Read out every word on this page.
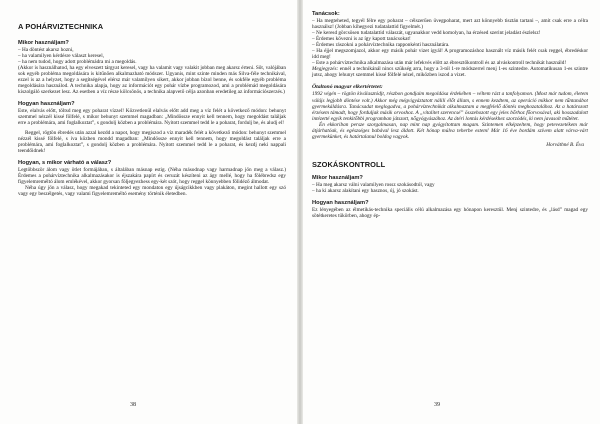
A POHÁRVIZTECHNIKA
Mikor használjam?

– Ha döntést akarsz hozni,

– ha valamilyen kérdésre választ keresel,

– ha nem tudod, hogy adott problémádra mi a megoldás.

(Akkor is használhatod, ha egy elveszett tárgyat keresel, vagy ha valamit vagy valakit jobban meg akarsz érteni. Sőt, valójában sok egyéb problémа megoldására is kitűnően alkalmazható módszer. Ugyanis, mint szinte minden más Silva-féle technikával, ezzel is az a helyzet, hogy a segítségével elérsz már valamilyen sikert, akkor jobban bízol benne, és sokféle egyéb probléma megoldására használod. A technika alapja, hogy az információt egy pohár vízbe programozod, ami a problémád megoldására kiszolgáló szerkezet lesz. Az esetben a víz része kölcsönös, a technika alapvető célja azonban eredetileg az információszerzés.)

Hogyan használjam?

Este, elalvás előtt, töltsd meg egy poharat vízzel! Közvetlenül elalvás előtt add meg a víz felét a következő módon: behunyt szemmel nézzél kissé fölfelé, s mikor behunyt szemmel magadban: „Mindössze ennyit kell tennem, hogy megoldást találjak erre a problémára, ami foglalkoztat”, s gondolj közben a problémára. Nyitott szemmel tedd le a poharat, fordulj be, és aludj el!

Reggel, rögtön ébredés után azzal kezdd a napot, hogy megiszod a víz maradék felét a következő módon: behunyt szemmel nézzél kissé fölfelé, s iva közben mondd magadban: „Mindössze ennyit kell tennem, hogy megoldást találjak erre a problémára, ami foglalkoztat”, s gondolj közben a problémára. Nyitott szemmel tedd le a poharat, és kezdj neki nappali teendőidnek!

Hogyan, s mikor várható a válasz?

Legtöbbször álom vagy ötlet formájában, s általában másnap estig. (Néha másodnap vagy harmadnap jön meg a válasz.) Érdemes a pohárvíztechnika alkalmazásakor is éjszakára papírt és ceruzát készíteni az ágy mellé, hogy ha fölébredsz egy figyelemreméltó álom emlékével, akkor gyorsan följegyezhess egy-két szót, hogy reggel könnyebben fölidéző álmodat.

Néha úgy jön a válasz, hogy megakad tekinteted egy mondaton egy újságcikkben vagy plakáton, megint hallott egy szó vagy egy beszélgetés, vagy valami figyelemreméltó esemény történik életedben.

38
Tanácsok:

– Ha megteheted, tegyél félre egy poharat – célszerűen üvegpoharat, mert azt könnyebb tisztán tartani –, amit csak erre a célra használsz! (Jobban kihegyezi tudatalattid figyelmét.)

– Ne keresd görcsösen tudatalattid válaszát, ugyanakkor vedd komolyan, ha érzésed szerint jeladást észlelsz!

– Érdemes kövezni is az így kapott tanácsokat!

– Érdemes rászokni a pohárvíztechnika rapponkénti használatára.

– Ha éjjel megszomjazol, akkor egy másik pohár vizet igyál! A programozáshoz használt víz másik felét csak reggel, ébredéskor idd meg!

– Este a pohárvíztechnika alkalmazása után már lefekvés előtt az ébresztőkontroll és az alváskontroll technikát használd!

Megjegyzés: ennél a technikánál nincs szükség arra, hogy a 3-tól 1-re módszerrel menj 1-es szintedre. Automatikusan 1-es szintre jutsz, ahogy lehunyt szemmel kissé fölfelé nézel, miközben iszod a vizet.

Ötaltonó magyar elkertértetet:

1992 végén – rögtön kiválasztódjt, részbon gondjaim megoldása érdekében – véltem rázt a tanfolyamon. (Most már tudom, életem válájs legjobb döntése volt.) Akkor még mégvigyáztatott nálili élőt állam, s ennem kezdtem, az operáció mikkor nem tűntanábot gyermekáldásra. Tanácsadat meglogadva, a pohárvíztechnikát alkalmaztam a megfelelő döntés meghozatalához. Az a határozott érzésem támadt, hogy forduljak másik orvoshoz. A „vitalitet szerencsé” összehozott egy jeles bőrhoz főorvosával, aki hosszadalott intézetté egyik tenkitőbbi programban játszott, nőgyógyászához. Az átéri lontás kérdésekhez szorzódés, ki nem javasolt műtétet.

Én ekkoriban persze szorgalmasan, nap mint nap gyógyítottam magam. Szintemen elképzeltem, hogy petevezetékem már átjárhatóak, és egészséges babával lesz áldott. Két hónap múlva teherbe estem! Már 16 éve bordám szívem alatt várva-várt gyermekünket, és határtalanul boldog vagyok.

Horváthné B. Éva
SZOKÁSKONTROLL
Mikor használjam?

– Ha meg akarsz válni valamilyen rossz szokásodtól, vagy

– ha ki akarsz alakítani egy hasznos, új, jó szokást.

Hogyan használjam?

Ez lényegében az élmetikás-technika speciális célú alkalmazása egy hónapon keresztül. Menj szintedre, és „lásd” magad egy sötétkeretes tükörben, ahogy ép-

39
